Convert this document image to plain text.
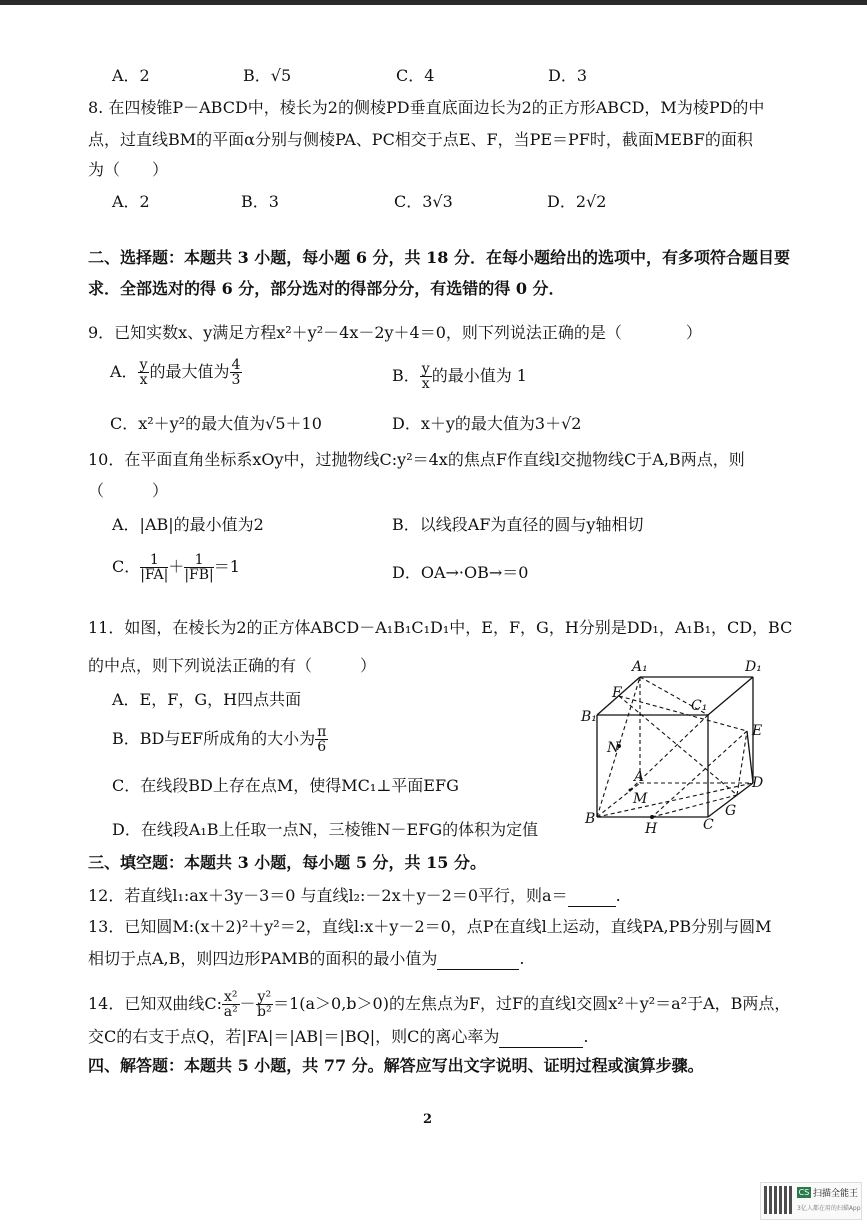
A．2	B．√5	C．4	D．3
8. 在四棱锥P－ABCD中，棱长为2的侧棱PD垂直底面边长为2的正方形ABCD，M为棱PD的中
点，过直线BM的平面α分别与侧棱PA、PC相交于点E、F，当PE＝PF时，截面MEBF的面积
为（　　）
A．2	B．3	C．3√3	D．2√2
二、选择题：本题共 3 小题，每小题 6 分，共 18 分．在每小题给出的选项中，有多项符合题目要
求．全部选对的得 6 分，部分选对的得部分分，有选错的得 0 分．
9．已知实数x、y满足方程x²＋y²－4x－2y＋4＝0，则下列说法正确的是（　　　　）
A． $\frac{y}{x}$ 的最大值为 $\frac{4}{3}$	B． $\frac{y}{x}$ 的最小值为 1
C．x²＋y²的最大值为√5＋10	D．x＋y的最大值为3＋√2
10．在平面直角坐标系xOy中，过抛物线C:y²＝4x的焦点F作直线l交抛物线C于A,B两点，则
（　　　）
A．|AB|的最小值为2	B．以线段AF为直径的圆与y轴相切
C． $\frac{1}{|FA|} + \frac{1}{|FB|} =1$	D．OA→·OB→＝0
11．如图，在棱长为2的正方体ABCD－A₁B₁C₁D₁中，E，F，G，H分别是DD₁，A₁B₁，CD，BC
的中点，则下列说法正确的有（　　　）
A．E，F，G，H四点共面
B．BD与EF所成角的大小为 $\frac{\pi}{6}$
C．在线段BD上存在点M，使得MC₁⊥平面EFG
D．在线段A₁B上任取一点N，三棱锥N－EFG的体积为定值
A₁	D₁
F
C₁
B₁
E
N
A	D
M
G
B
H	C
三、填空题：本题共 3 小题，每小题 5 分，共 15 分。
12．若直线l₁:ax＋3y－3＝0 与直线l₂:－2x＋y－2＝0平行，则a＝	.
13．已知圆M:(x＋2)²＋y²＝2，直线l:x＋y－2＝0，点P在直线l上运动，直线PA,PB分别与圆M
相切于点A,B，则四边形PAMB的面积的最小值为	.
14．已知双曲线C: $\frac{\text{x²}}{\text{a²}} - \frac{\text{y²}}{\text{b²}} =1(a>0,b>0)$的左焦点为F，过F的直线l交圆x²＋y²＝a²于A，B两点，
交C的右支于点Q，若|FA|＝|AB|＝|BQ|，则C的离心率为	.
四、解答题：本题共 5 小题，共 77 分。解答应写出文字说明、证明过程或演算步骤。
2
CS 扫描全能王
3亿人都在用的扫描App
